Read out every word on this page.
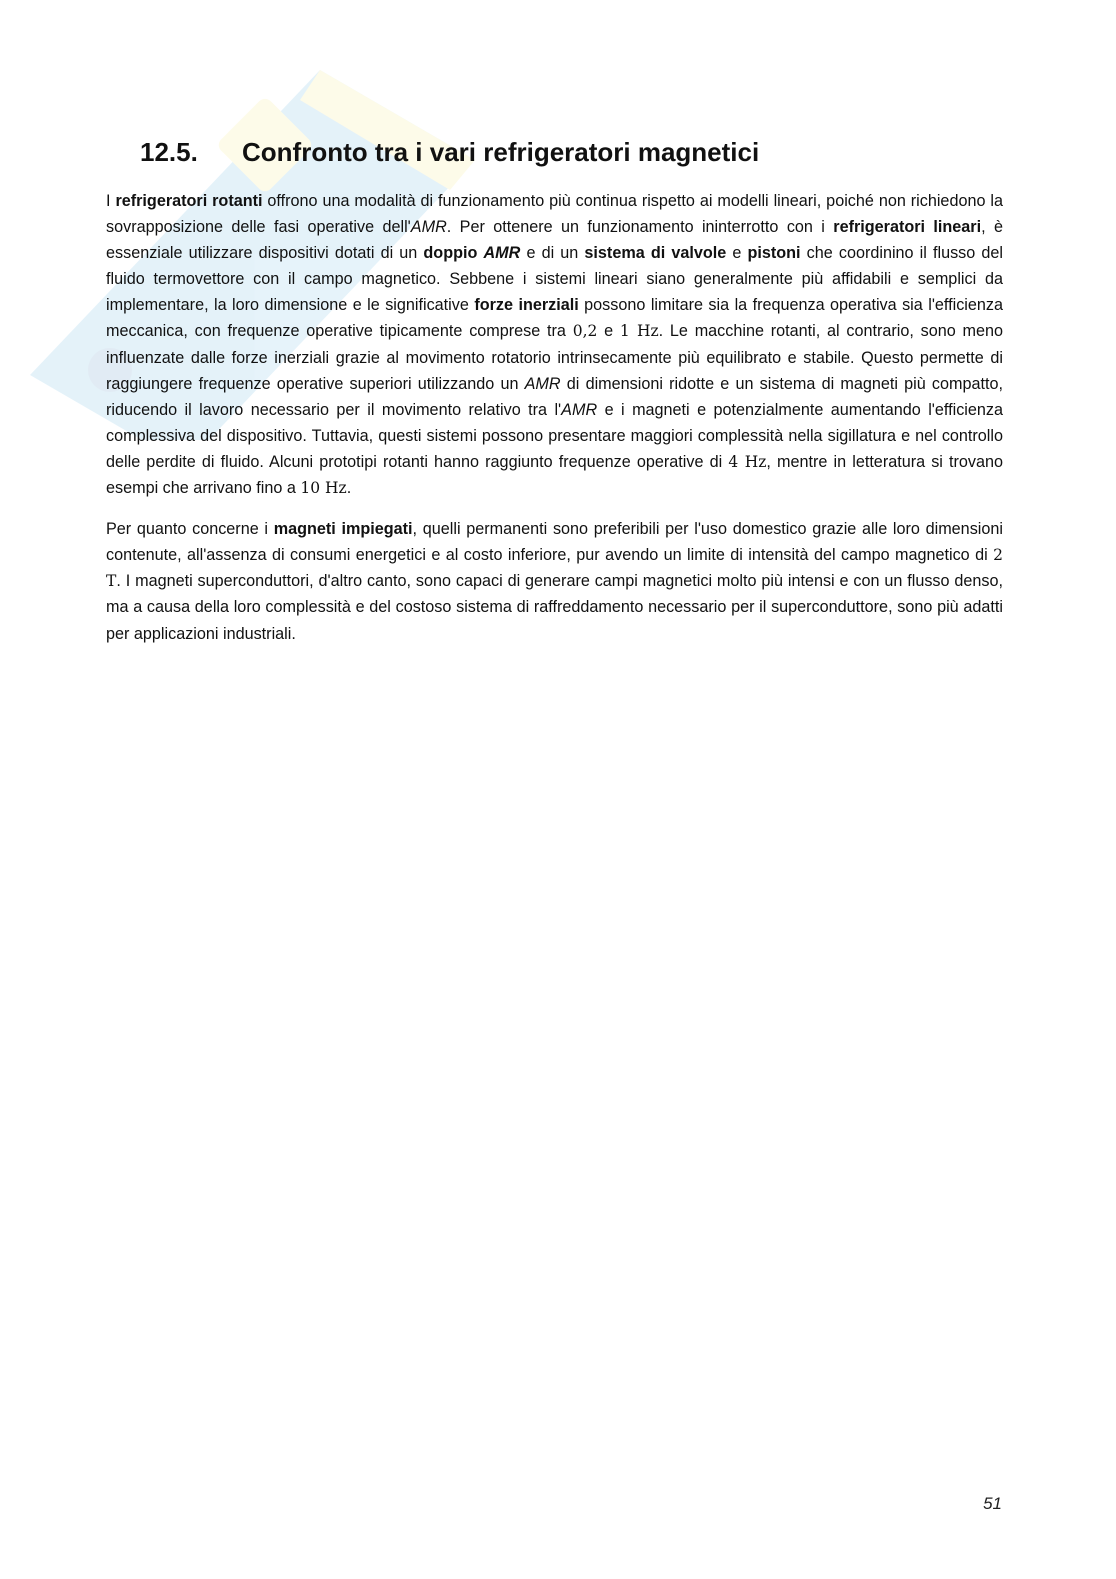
12.5. Confronto tra i vari refrigeratori magnetici

I refrigeratori rotanti offrono una modalità di funzionamento più continua rispetto ai modelli lineari, poiché non richiedono la sovrapposizione delle fasi operative dell'AMR. Per ottenere un funzionamento ininterrotto con i refrigeratori lineari, è essenziale utilizzare dispositivi dotati di un doppio AMR e di un sistema di valvole e pistoni che coordinino il flusso del fluido termovettore con il campo magnetico. Sebbene i sistemi lineari siano generalmente più affidabili e semplici da implementare, la loro dimensione e le significative forze inerziali possono limitare sia la frequenza operativa sia l'efficienza meccanica, con frequenze operative tipicamente comprese tra 0,2 e 1 Hz. Le macchine rotanti, al contrario, sono meno influenzate dalle forze inerziali grazie al movimento rotatorio intrinsecamente più equilibrato e stabile. Questo permette di raggiungere frequenze operative superiori utilizzando un AMR di dimensioni ridotte e un sistema di magneti più compatto, riducendo il lavoro necessario per il movimento relativo tra l'AMR e i magneti e potenzialmente aumentando l'efficienza complessiva del dispositivo. Tuttavia, questi sistemi possono presentare maggiori complessità nella sigillatura e nel controllo delle perdite di fluido. Alcuni prototipi rotanti hanno raggiunto frequenze operative di 4 Hz, mentre in letteratura si trovano esempi che arrivano fino a 10 Hz.

Per quanto concerne i magneti impiegati, quelli permanenti sono preferibili per l'uso domestico grazie alle loro dimensioni contenute, all'assenza di consumi energetici e al costo inferiore, pur avendo un limite di intensità del campo magnetico di 2 T. I magneti superconduttori, d'altro canto, sono capaci di generare campi magnetici molto più intensi e con un flusso denso, ma a causa della loro complessità e del costoso sistema di raffreddamento necessario per il superconduttore, sono più adatti per applicazioni industriali.

51
